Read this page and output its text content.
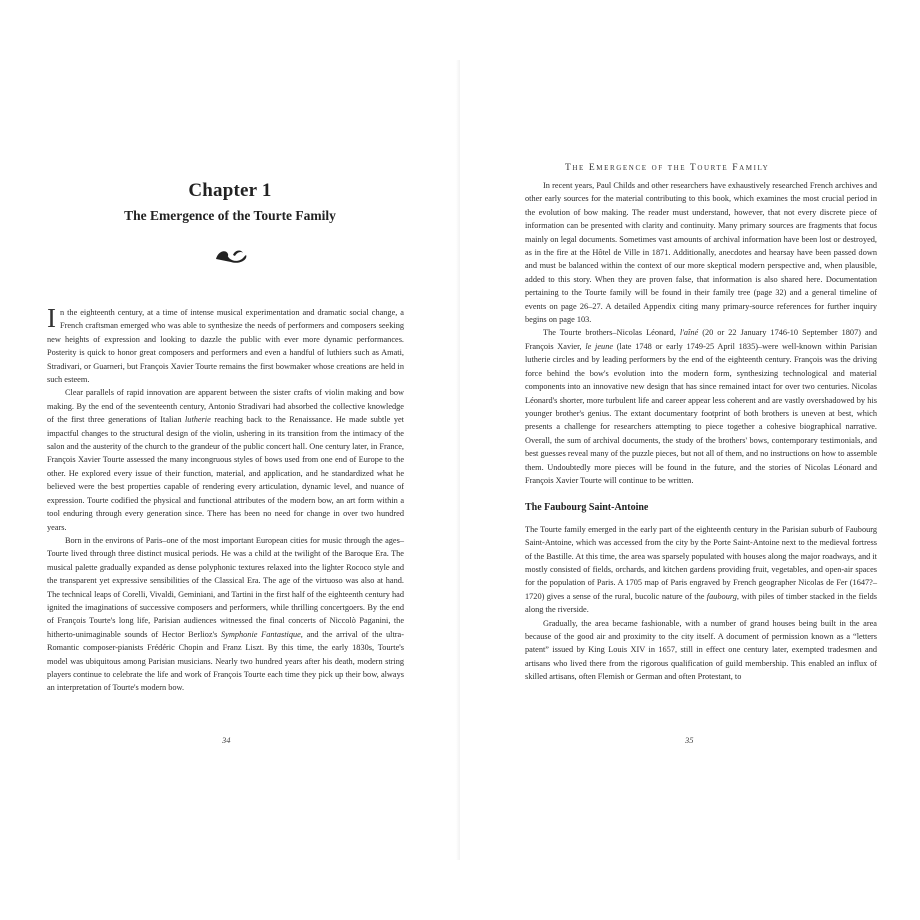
Chapter 1
The Emergence of the Tourte Family

In the eighteenth century, at a time of intense musical experimentation and dramatic social change, a French craftsman emerged who was able to synthesize the needs of performers and composers seeking new heights of expression and looking to dazzle the public with ever more dynamic performances. Posterity is quick to honor great composers and performers and even a handful of luthiers such as Amati, Stradivari, or Guarneri, but François Xavier Tourte remains the first bowmaker whose creations are held in such esteem.

Clear parallels of rapid innovation are apparent between the sister crafts of violin making and bow making. By the end of the seventeenth century, Antonio Stradivari had absorbed the collective knowledge of the first three generations of Italian lutherie reaching back to the Renaissance. He made subtle yet impactful changes to the structural design of the violin, ushering in its transition from the intimacy of the salon and the austerity of the church to the grandeur of the public concert hall. One century later, in France, François Xavier Tourte assessed the many incongruous styles of bows used from one end of Europe to the other. He explored every issue of their function, material, and application, and he standardized what he believed were the best properties capable of rendering every articulation, dynamic level, and nuance of expression. Tourte codified the physical and functional attributes of the modern bow, an art form within a tool enduring through every generation since. There has been no need for change in over two hundred years.

Born in the environs of Paris–one of the most important European cities for music through the ages–Tourte lived through three distinct musical periods. He was a child at the twilight of the Baroque Era. The musical palette gradually expanded as dense polyphonic textures relaxed into the lighter Rococo style and the transparent yet expressive sensibilities of the Classical Era. The age of the virtuoso was also at hand. The technical leaps of Corelli, Vivaldi, Geminiani, and Tartini in the first half of the eighteenth century had ignited the imaginations of successive composers and performers, while thrilling concertgoers. By the end of François Tourte's long life, Parisian audiences witnessed the final concerts of Niccolò Paganini, the hitherto-unimaginable sounds of Hector Berlioz's Symphonie Fantastique, and the arrival of the ultra-Romantic composer-pianists Frédéric Chopin and Franz Liszt. By this time, the early 1830s, Tourte's model was ubiquitous among Parisian musicians. Nearly two hundred years after his death, modern string players continue to celebrate the life and work of François Tourte each time they pick up their bow, always an interpretation of Tourte's modern bow.

34
The Emergence of the Tourte Family

In recent years, Paul Childs and other researchers have exhaustively researched French archives and other early sources for the material contributing to this book, which examines the most crucial period in the evolution of bow making. The reader must understand, however, that not every discrete piece of information can be presented with clarity and continuity. Many primary sources are fragments that focus mainly on legal documents. Sometimes vast amounts of archival information have been lost or destroyed, as in the fire at the Hôtel de Ville in 1871. Additionally, anecdotes and hearsay have been passed down and must be balanced within the context of our more skeptical modern perspective and, when plausible, added to this story. When they are proven false, that information is also shared here. Documentation pertaining to the Tourte family will be found in their family tree (page 32) and a general timeline of events on page 26–27. A detailed Appendix citing many primary-source references for further inquiry begins on page 103.

The Tourte brothers–Nicolas Léonard, l'aîné (20 or 22 January 1746-10 September 1807) and François Xavier, le jeune (late 1748 or early 1749-25 April 1835)–were well-known within Parisian lutherie circles and by leading performers by the end of the eighteenth century. François was the driving force behind the bow's evolution into the modern form, synthesizing technological and material components into an innovative new design that has since remained intact for over two centuries. Nicolas Léonard's shorter, more turbulent life and career appear less coherent and are vastly overshadowed by his younger brother's genius. The extant documentary footprint of both brothers is uneven at best, which presents a challenge for researchers attempting to piece together a cohesive biographical narrative. Overall, the sum of archival documents, the study of the brothers' bows, contemporary testimonials, and best guesses reveal many of the puzzle pieces, but not all of them, and no instructions on how to assemble them. Undoubtedly more pieces will be found in the future, and the stories of Nicolas Léonard and François Xavier Tourte will continue to be written.

The Faubourg Saint-Antoine

The Tourte family emerged in the early part of the eighteenth century in the Parisian suburb of Faubourg Saint-Antoine, which was accessed from the city by the Porte Saint-Antoine next to the medieval fortress of the Bastille. At this time, the area was sparsely populated with houses along the major roadways, and it mostly consisted of fields, orchards, and kitchen gardens providing fruit, vegetables, and open-air spaces for the population of Paris. A 1705 map of Paris engraved by French geographer Nicolas de Fer (1647?–1720) gives a sense of the rural, bucolic nature of the faubourg, with piles of timber stacked in the fields along the riverside.

Gradually, the area became fashionable, with a number of grand houses being built in the area because of the good air and proximity to the city itself. A document of permission known as a “letters patent” issued by King Louis XIV in 1657, still in effect one century later, exempted tradesmen and artisans who lived there from the rigorous qualification of guild membership. This enabled an influx of skilled artisans, often Flemish or German and often Protestant, to

35
